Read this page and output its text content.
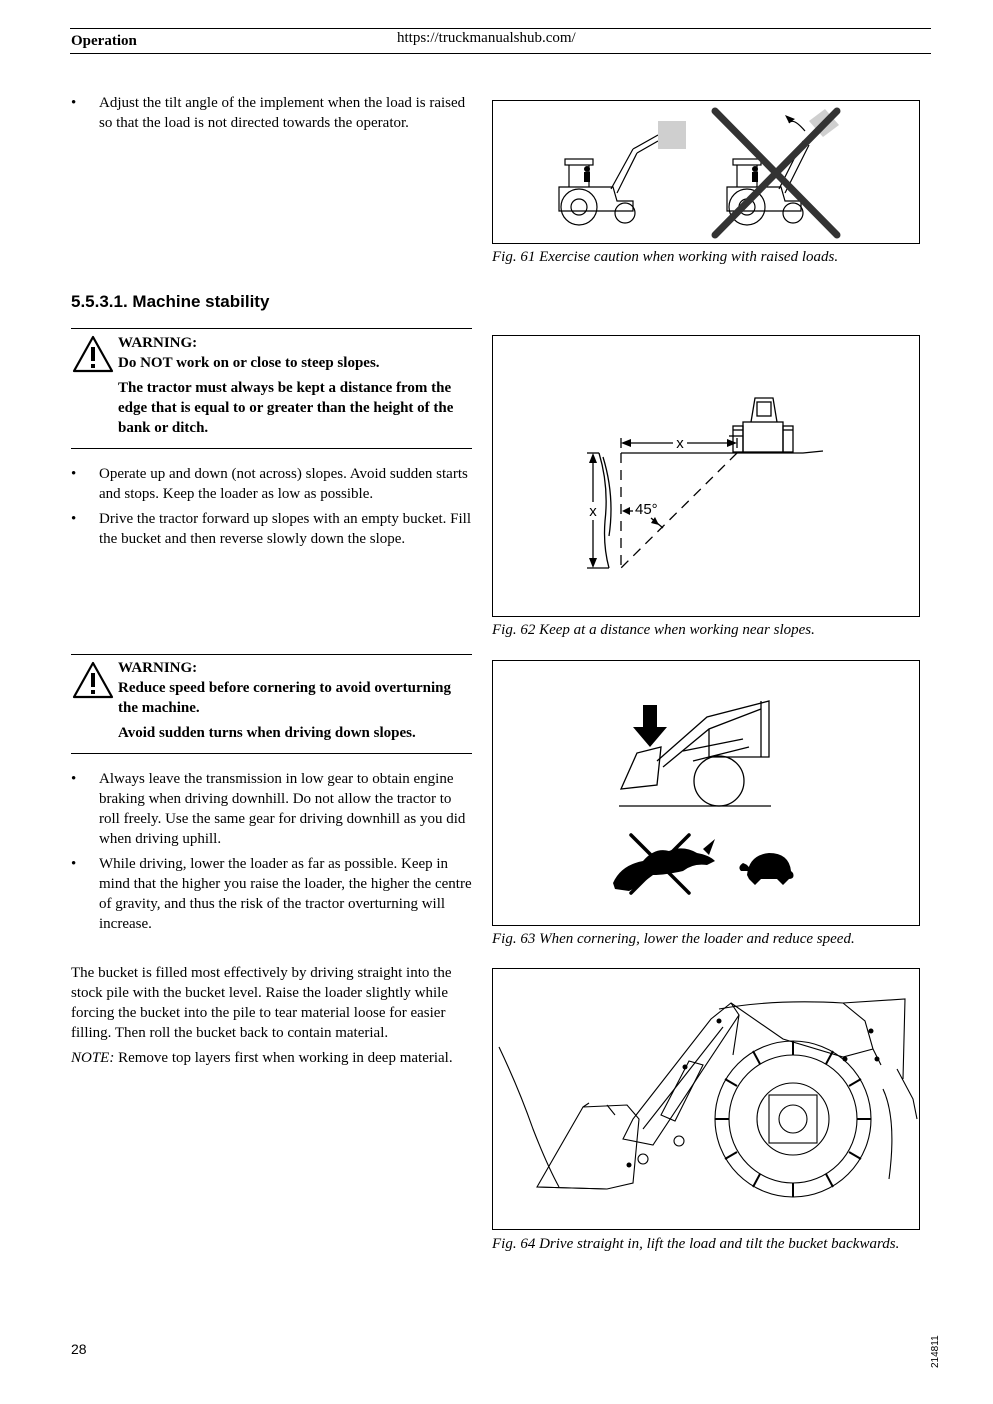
Operation	https://truckmanualshub.com/
• Adjust the tilt angle of the implement when the load is raised so that the load is not directed towards the operator.
Fig. 61 Exercise caution when working with raised loads.
5.5.3.1. Machine stability

WARNING:

Do NOT work on or close to steep slopes.

The tractor must always be kept a distance from the edge that is equal to or greater than the height of the bank or ditch.

• Operate up and down (not across) slopes. Avoid sudden starts and stops. Keep the loader as low as possible.
• Drive the tractor forward up slopes with an empty bucket. Fill the bucket and then reverse slowly down the slope.
x
x	45°
Fig. 62 Keep at a distance when working near slopes.

WARNING:

Reduce speed before cornering to avoid overturning the machine.

Avoid sudden turns when driving down slopes.

• Always leave the transmission in low gear to obtain engine braking when driving downhill. Do not allow the tractor to roll freely. Use the same gear for driving downhill as you did when driving uphill.
• While driving, lower the loader as far as possible. Keep in mind that the higher you raise the loader, the higher the centre of gravity, and thus the risk of the tractor overturning will increase.
Fig. 63 When cornering, lower the loader and reduce speed.

The bucket is filled most effectively by driving straight into the stock pile with the bucket level. Raise the loader slightly while forcing the bucket into the pile to tear material loose for easier filling. Then roll the bucket back to contain material.

NOTE: Remove top layers first when working in deep material.

Fig. 64 Drive straight in, lift the load and tilt the bucket backwards.
28	214811
